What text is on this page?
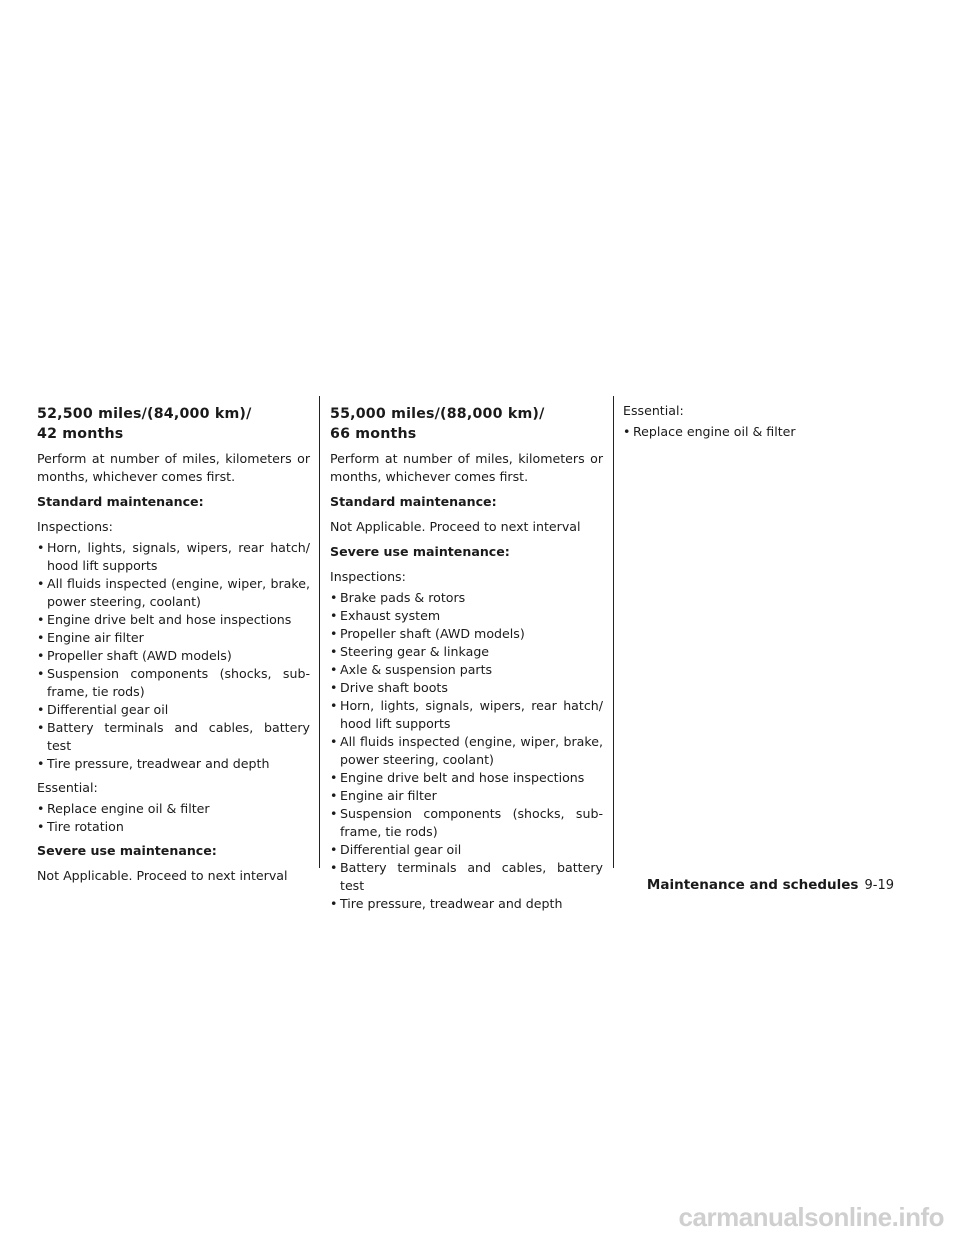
52,500 miles/(84,000 km)/
42 months

Perform at number of miles, kilometers or months, whichever comes first.

Standard maintenance:

Inspections:

• Horn, lights, signals, wipers, rear hatch/ hood lift supports
• All fluids inspected (engine, wiper, brake, power steering, coolant)
• Engine drive belt and hose inspections
• Engine air filter
• Propeller shaft (AWD models)
• Suspension components (shocks, sub-frame, tie rods)
• Differential gear oil
• Battery terminals and cables, battery test
• Tire pressure, treadwear and depth

Essential:

• Replace engine oil & filter
• Tire rotation

Severe use maintenance:

Not Applicable. Proceed to next interval

55,000 miles/(88,000 km)/
66 months

Perform at number of miles, kilometers or months, whichever comes first.

Standard maintenance:

Not Applicable. Proceed to next interval

Severe use maintenance:

Inspections:

• Brake pads & rotors
• Exhaust system
• Propeller shaft (AWD models)
• Steering gear & linkage
• Axle & suspension parts
• Drive shaft boots
• Horn, lights, signals, wipers, rear hatch/ hood lift supports
• All fluids inspected (engine, wiper, brake, power steering, coolant)
• Engine drive belt and hose inspections
• Engine air filter
• Suspension components (shocks, sub-frame, tie rods)
• Differential gear oil
• Battery terminals and cables, battery test
• Tire pressure, treadwear and depth

Essential:

• Replace engine oil & filter
Maintenance and schedules 9-19
carmanualsonline.info
